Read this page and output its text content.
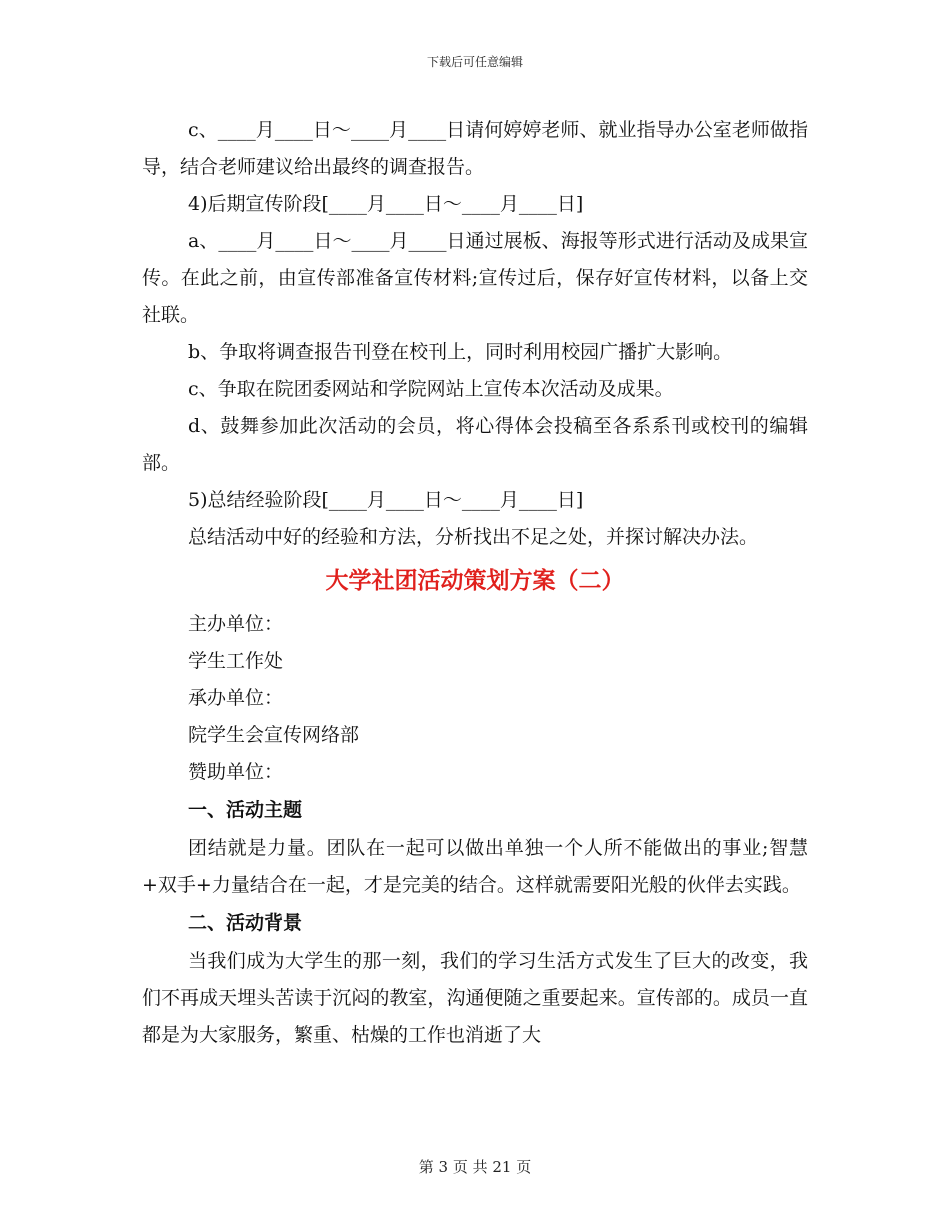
下载后可任意编辑

c、____月____日～____月____日请何婷婷老师、就业指导办公室老师做指导，结合老师建议给出最终的调查报告。

4)后期宣传阶段[____月____日～____月____日]

a、____月____日～____月____日通过展板、海报等形式进行活动及成果宣传。在此之前，由宣传部准备宣传材料;宣传过后，保存好宣传材料，以备上交社联。

b、争取将调查报告刊登在校刊上，同时利用校园广播扩大影响。

c、争取在院团委网站和学院网站上宣传本次活动及成果。

d、鼓舞参加此次活动的会员，将心得体会投稿至各系系刊或校刊的编辑部。

5)总结经验阶段[____月____日～____月____日]

总结活动中好的经验和方法，分析找出不足之处，并探讨解决办法。

大学社团活动策划方案（二）

主办单位：

学生工作处

承办单位：

院学生会宣传网络部

赞助单位：

一、活动主题

团结就是力量。团队在一起可以做出单独一个人所不能做出的事业;智慧+双手+力量结合在一起，才是完美的结合。这样就需要阳光般的伙伴去实践。

二、活动背景

当我们成为大学生的那一刻，我们的学习生活方式发生了巨大的改变，我们不再成天埋头苦读于沉闷的教室，沟通便随之重要起来。宣传部的。成员一直都是为大家服务，繁重、枯燥的工作也消逝了大

第 3 页 共 21 页
